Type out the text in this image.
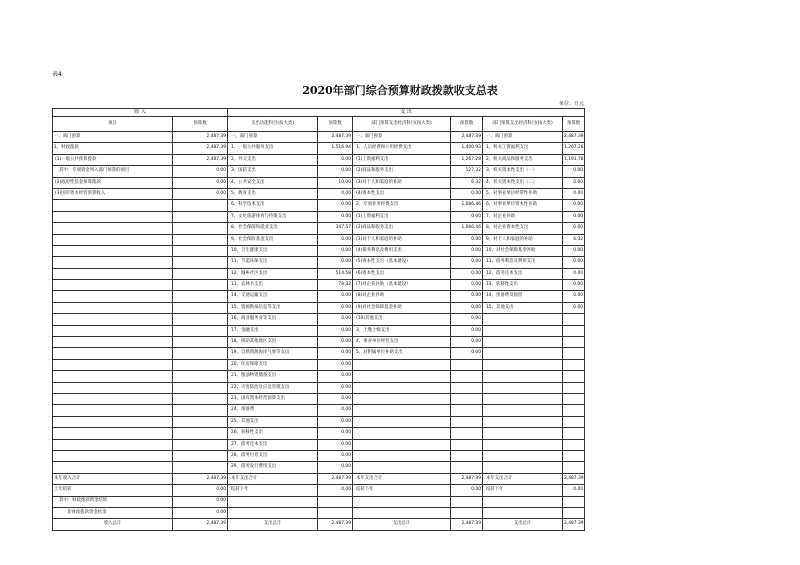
表4
2020年部门综合预算财政拨款收支总表
单位：万元
收 入		支 出					
项目	预算数	支出功能科目(按大类)	预算数	部门预算支出经济科目(按大类)	预算数	部门预算支出经济科目(按大类)	预算数
一、部门预算	2,487.39	一、部门预算	2,487.39	一、部门预算	2,487.39	一、部门预算	2,487.39
1、财政拨款	2,487.39	1、一般公共服务支出	1,516.94	1、人员经费和公用经费支出	1,400.93	1、机关工资福利支出	1,267.28
(1)一般公共预算拨款	2,487.39	2、外交支出	0.00	(1)工资福利支出	1,267.28	2、机关商品和服务支出	1,193.78
其中：专项资金列入部门预算的项目	0.00	3、国防支出	0.00	(2)商品和服务支出	127.32	3、机关资本性支出（一）	0.00
(2)政府性基金预算拨款	0.00	4、公共安全支出	10.00	(3)对个人和家庭的补助	6.32	4、机关资本性支出（二）	0.00
(3)国有资本经营预算收入	0.00	5、教育支出	0.00	(4)资本性支出	0.00	5、对事业单位经常性补助	0.00
		6、科学技术支出	0.00	2、专项业务经费支出	1,086.46	6、对事业单位资本性补助	0.00
		7、文化旅游体育与传媒支出	0.00	(1)工资福利支出	0.00	7、对企业补助	0.00
		8、社会保障和就业支出	347.57	(2)商品和服务支出	1,066.46	8、对企业资本性支出	0.00
		9、社会保险基金支出	0.00	(3)对个人和家庭的补助	0.00	9、对个人和家庭的补助	6.32
		10、卫生健康支出	0.00	(4)债务利息及费用支出	0.00	10、对社会保障基金补助	0.00
		11、节能环保支出	0.00	(5)资本性支出（基本建设）	0.00	11、债务利息及费用支出	0.00
		12、城乡社区支出	514.58	(6)资本性支出	0.00	12、债务还本支出	0.00
		13、农林水支出	78.32	(7)对企业补助（基本建设）	0.00	13、转移性支出	0.00
		14、交通运输支出	0.00	(8)对企业补助	0.00	14、预备费及预留	0.00
		15、资源勘探信息等支出	0.00	(9)对社会保障基金补助	0.00	15、其他支出	0.00
		16、商业服务业等支出	0.00	(10)其他支出	0.00		
		17、金融支出	0.00	3、上缴上级支出	0.00		
		18、援助其他地区支出	0.00	4、事业单位经营支出	0.00		
		19、自然资源海洋气象等支出	0.00	5、对附属单位补助支出	0.00		
		20、住房保障支出	0.00				
		21、粮油物资储备支出	0.00				
		22、灾害防治及应急管理支出	0.00				
		23、国有资本经营预算支出	0.00				
		24、预备费	0.00				
		25、其他支出	0.00				
		26、转移性支出	0.00				
		27、债务还本支出	0.00				
		28、债务付息支出	0.00				
		29、债务发行费用支出	0.00				
本年收入合计	2,487.39	本年支出合计	2,487.39	本年支出合计	2,487.39	本年支出合计	2,487.39
上年结转	0.00	结转下年	0.00	结转下年	0.00	结转下年	0.00
其中：财政拨款资金结转	0.00						
非财政拨款资金结余	0.00						
收入总计	2,487.39	支出总计	2,487.39	支出总计	2,487.39	支出总计	2,487.39
